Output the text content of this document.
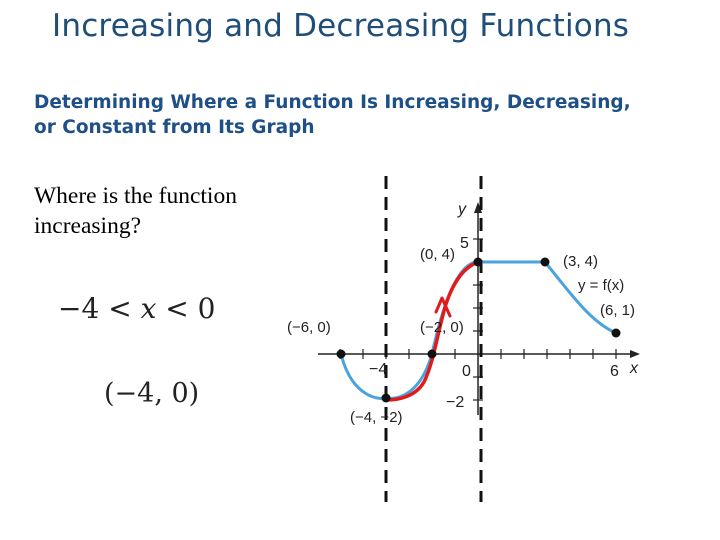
Increasing and Decreasing Functions
Determining Where a Function Is Increasing, Decreasing,
or Constant from Its Graph
Where is the function
increasing?
−4 < x < 0
(−4, 0)
(−6, 0)	(−2, 0)
(−4, −2)
(0, 4)	(3, 4)
(6, 1)
y
x
5
−2
−4	0	6
y = f(x)
